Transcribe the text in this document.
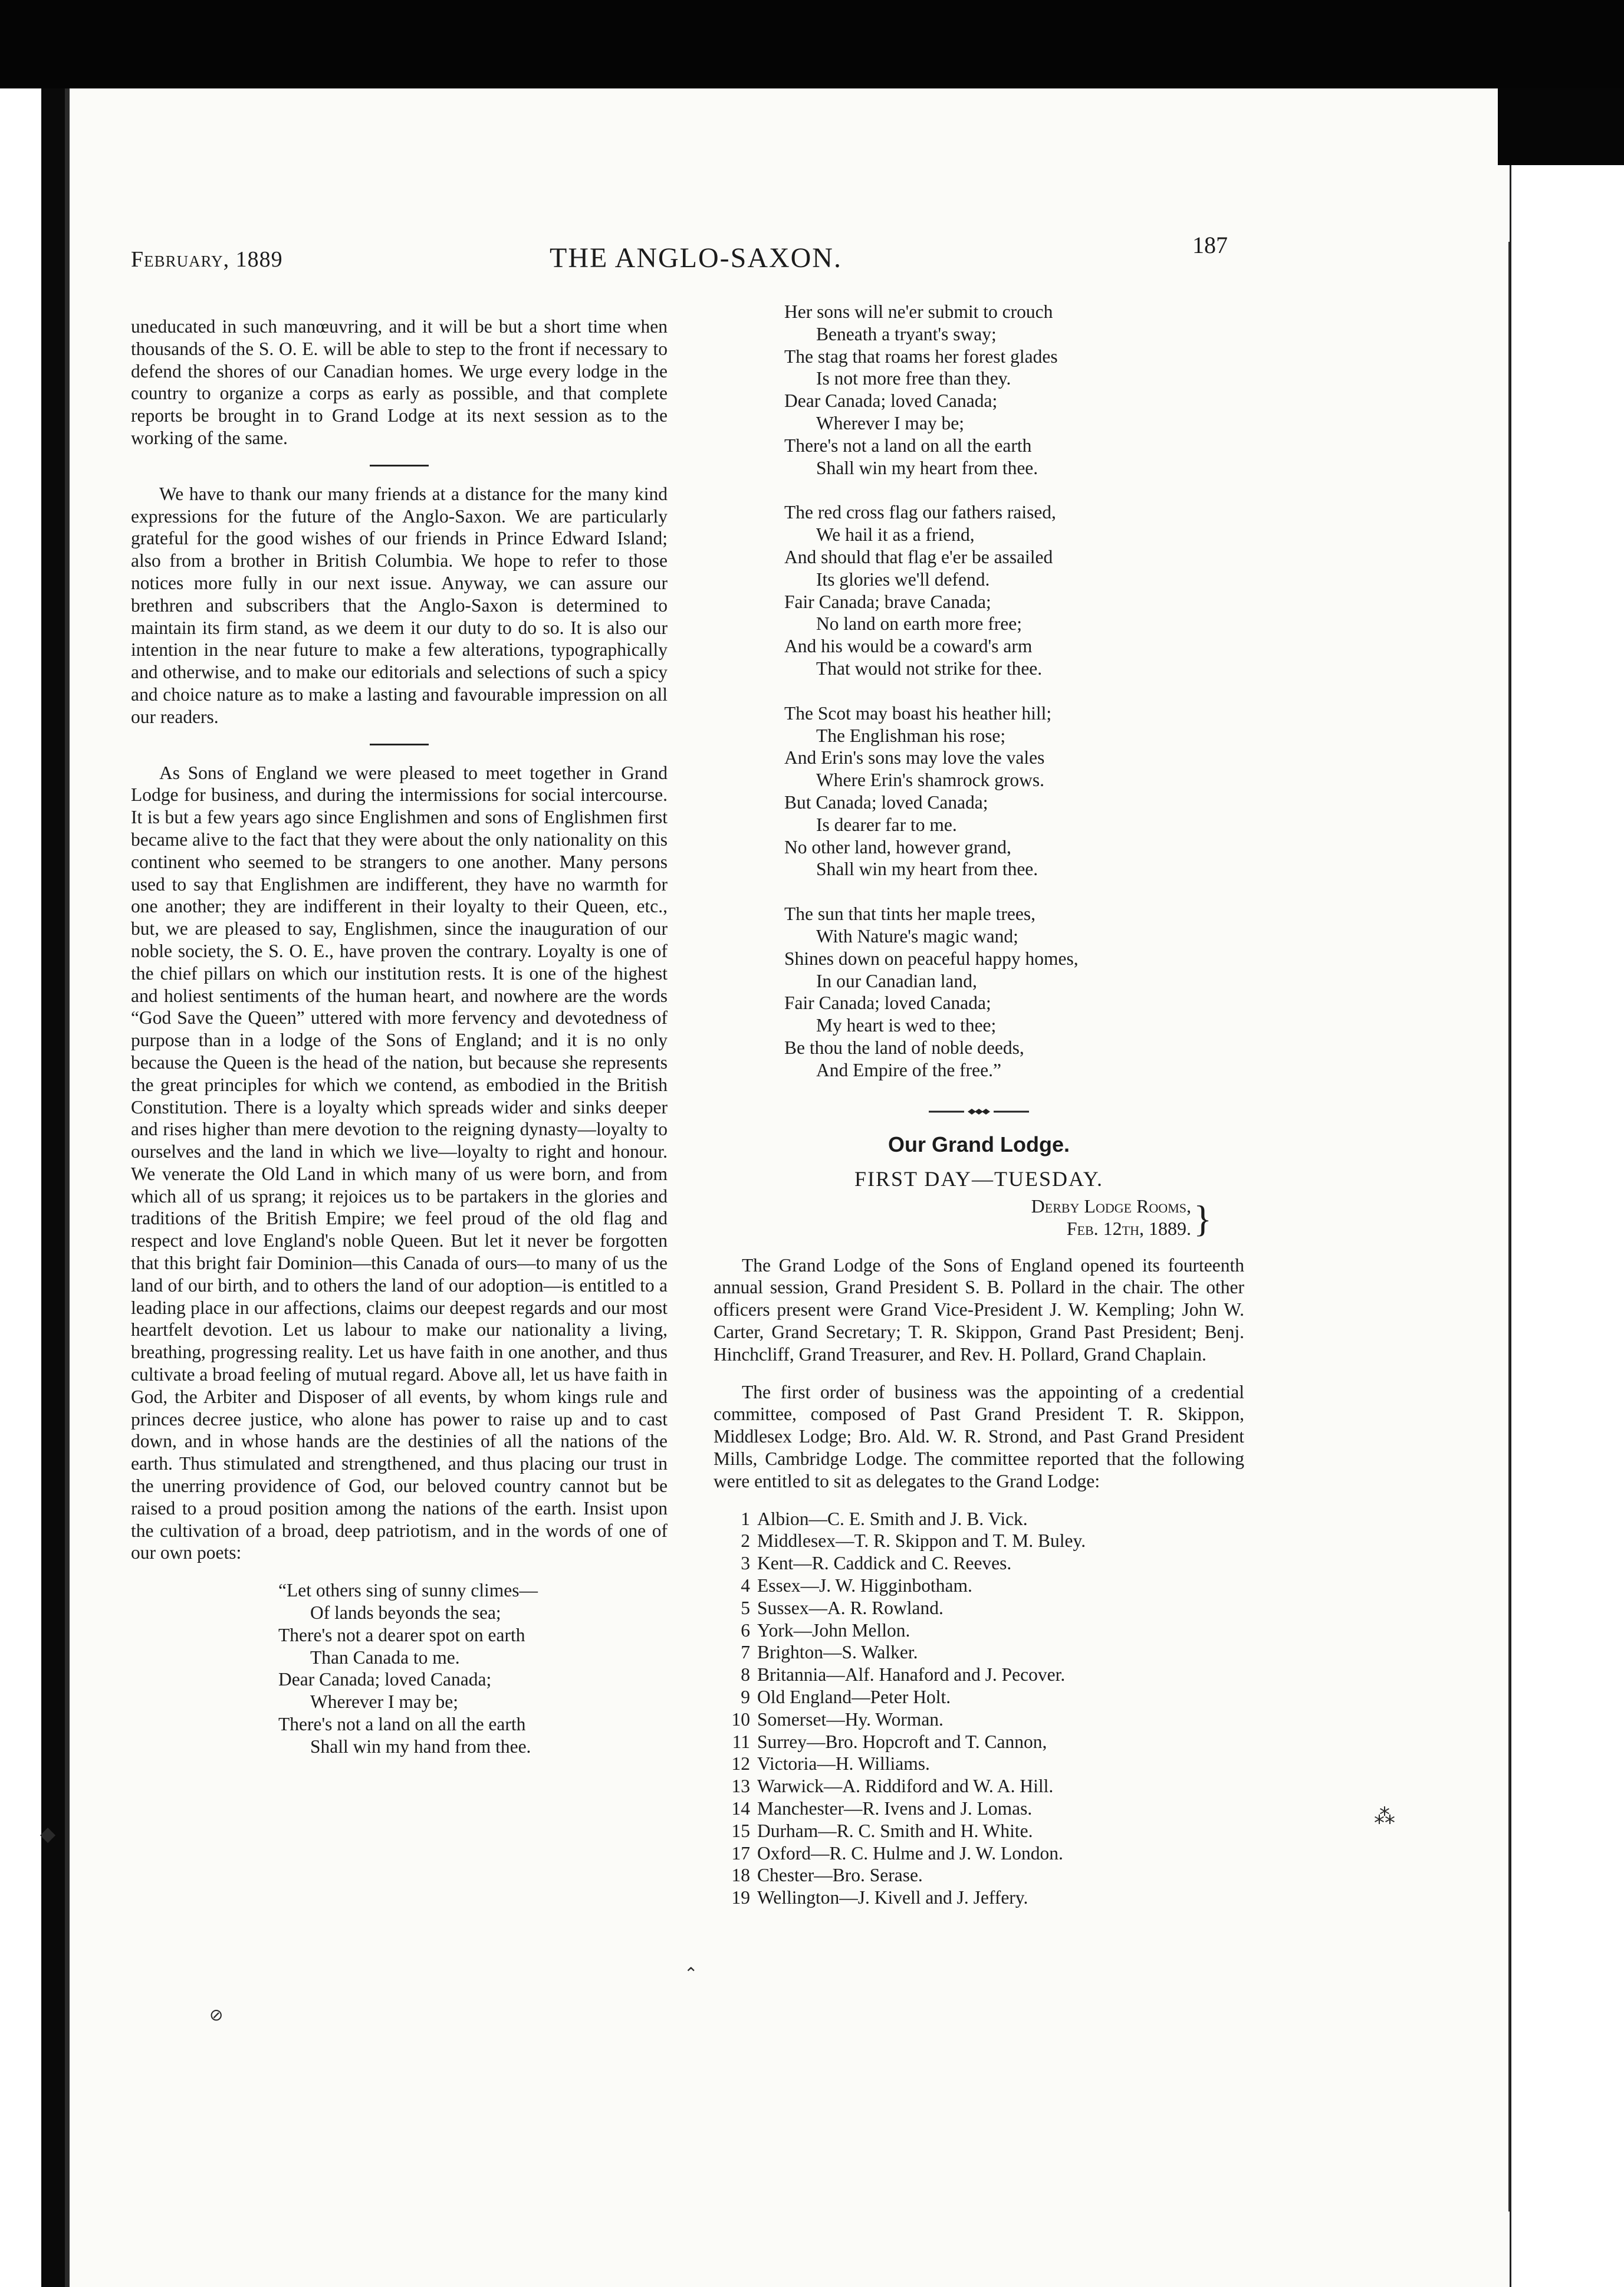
February, 1889	THE ANGLO-SAXON.	187

uneducated in such manœuvring, and it will be but a short time when thousands of the S. O. E. will be able to step to the front if necessary to defend the shores of our Canadian homes. We urge every lodge in the country to organize a corps as early as possible, and that complete reports be brought in to Grand Lodge at its next session as to the working of the same.

We have to thank our many friends at a distance for the many kind expressions for the future of the Anglo-Saxon. We are particularly grateful for the good wishes of our friends in Prince Edward Island; also from a brother in British Columbia. We hope to refer to those notices more fully in our next issue. Anyway, we can assure our brethren and subscribers that the Anglo-Saxon is determined to maintain its firm stand, as we deem it our duty to do so. It is also our intention in the near future to make a few alterations, typographically and otherwise, and to make our editorials and selections of such a spicy and choice nature as to make a lasting and favourable impression on all our readers.

As Sons of England we were pleased to meet together in Grand Lodge for business, and during the intermissions for social intercourse. It is but a few years ago since Englishmen and sons of Englishmen first became alive to the fact that they were about the only nationality on this continent who seemed to be strangers to one another. Many persons used to say that Englishmen are indifferent, they have no warmth for one another; they are indifferent in their loyalty to their Queen, etc., but, we are pleased to say, Englishmen, since the inauguration of our noble society, the S. O. E., have proven the contrary. Loyalty is one of the chief pillars on which our institution rests. It is one of the highest and holiest sentiments of the human heart, and nowhere are the words “God Save the Queen” uttered with more fervency and devotedness of purpose than in a lodge of the Sons of England; and it is no only because the Queen is the head of the nation, but because she represents the great principles for which we contend, as embodied in the British Constitution. There is a loyalty which spreads wider and sinks deeper and rises higher than mere devotion to the reigning dynasty—loyalty to ourselves and the land in which we live—loyalty to right and honour. We venerate the Old Land in which many of us were born, and from which all of us sprang; it rejoices us to be partakers in the glories and traditions of the British Empire; we feel proud of the old flag and respect and love England's noble Queen. But let it never be forgotten that this bright fair Dominion—this Canada of ours—to many of us the land of our birth, and to others the land of our adoption—is entitled to a leading place in our affections, claims our deepest regards and our most heartfelt devotion. Let us labour to make our nationality a living, breathing, progressing reality. Let us have faith in one another, and thus cultivate a broad feeling of mutual regard. Above all, let us have faith in God, the Arbiter and Disposer of all events, by whom kings rule and princes decree justice, who alone has power to raise up and to cast down, and in whose hands are the destinies of all the nations of the earth. Thus stimulated and strengthened, and thus placing our trust in the unerring providence of God, our beloved country cannot but be raised to a proud position among the nations of the earth. Insist upon the cultivation of a broad, deep patriotism, and in the words of one of our own poets:

“Let others sing of sunny climes—
Of lands beyonds the sea;
There's not a dearer spot on earth
Than Canada to me.
Dear Canada; loved Canada;
Wherever I may be;
There's not a land on all the earth
Shall win my hand from thee.
Her sons will ne'er submit to crouch
Beneath a tryant's sway;
The stag that roams her forest glades
Is not more free than they.
Dear Canada; loved Canada;
Wherever I may be;
There's not a land on all the earth
Shall win my heart from thee.
The red cross flag our fathers raised,
We hail it as a friend,
And should that flag e'er be assailed
Its glories we'll defend.
Fair Canada; brave Canada;
No land on earth more free;
And his would be a coward's arm
That would not strike for thee.
The Scot may boast his heather hill;
The Englishman his rose;
And Erin's sons may love the vales
Where Erin's shamrock grows.
But Canada; loved Canada;
Is dearer far to me.
No other land, however grand,
Shall win my heart from thee.
The sun that tints her maple trees,
With Nature's magic wand;
Shines down on peaceful happy homes,
In our Canadian land,
Fair Canada; loved Canada;
My heart is wed to thee;
Be thou the land of noble deeds,
And Empire of the free.”
Our Grand Lodge.
FIRST DAY—TUESDAY.
Derby Lodge Rooms,
Feb. 12th, 1889. }

The Grand Lodge of the Sons of England opened its fourteenth annual session, Grand President S. B. Pollard in the chair. The other officers present were Grand Vice-President J. W. Kempling; John W. Carter, Grand Secretary; T. R. Skippon, Grand Past President; Benj. Hinchcliff, Grand Treasurer, and Rev. H. Pollard, Grand Chaplain.

The first order of business was the appointing of a credential committee, composed of Past Grand President T. R. Skippon, Middlesex Lodge; Bro. Ald. W. R. Strond, and Past Grand President Mills, Cambridge Lodge. The committee reported that the following were entitled to sit as delegates to the Grand Lodge:

1 Albion—C. E. Smith and J. B. Vick.
2 Middlesex—T. R. Skippon and T. M. Buley.
3 Kent—R. Caddick and C. Reeves.
4 Essex—J. W. Higginbotham.
5 Sussex—A. R. Rowland.
6 York—John Mellon.
7 Brighton—S. Walker.
8 Britannia—Alf. Hanaford and J. Pecover.
9 Old England—Peter Holt.
10 Somerset—Hy. Worman.
11 Surrey—Bro. Hopcroft and T. Cannon,
12 Victoria—H. Williams.
13 Warwick—A. Riddiford and W. A. Hill.
14 Manchester—R. Ivens and J. Lomas.
15 Durham—R. C. Smith and H. White.
17 Oxford—R. C. Hulme and J. W. London.
18 Chester—Bro. Serase.
19 Wellington—J. Kivell and J. Jeffery.
◆
⁂
⌃
⊘
